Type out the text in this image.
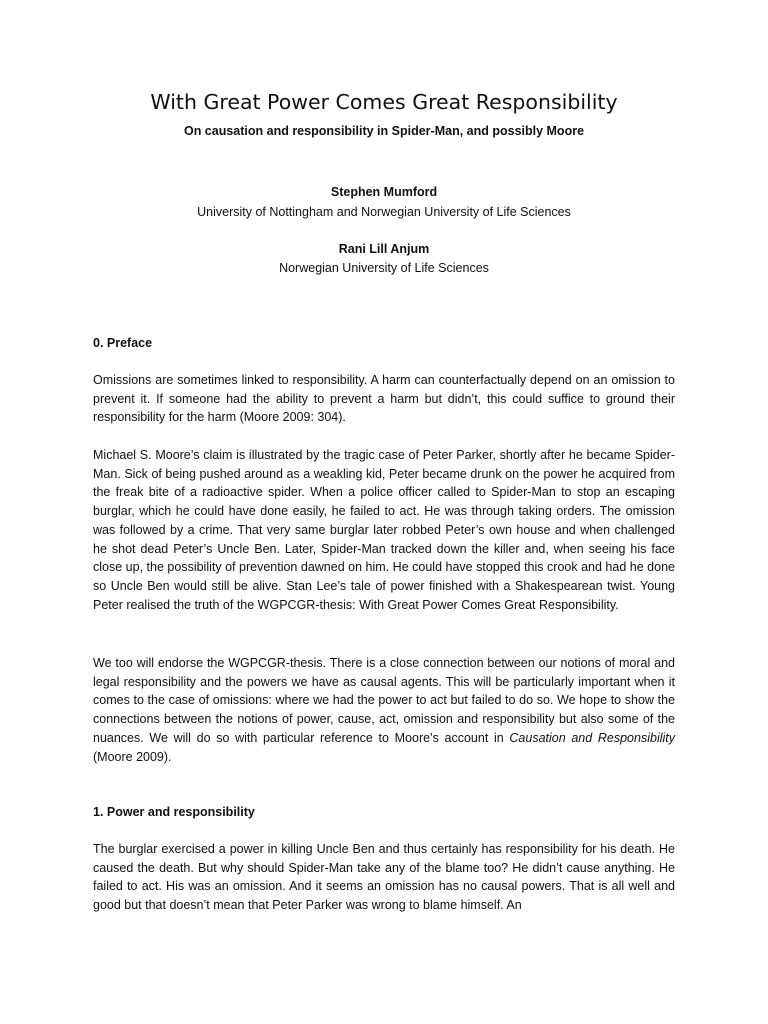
With Great Power Comes Great Responsibility
On causation and responsibility in Spider-Man, and possibly Moore
Stephen Mumford
University of Nottingham and Norwegian University of Life Sciences
Rani Lill Anjum
Norwegian University of Life Sciences
0. Preface

Omissions are sometimes linked to responsibility. A harm can counterfactually depend on an omission to prevent it. If someone had the ability to prevent a harm but didn’t, this could suffice to ground their responsibility for the harm (Moore 2009: 304).

Michael S. Moore’s claim is illustrated by the tragic case of Peter Parker, shortly after he became Spider-Man. Sick of being pushed around as a weakling kid, Peter became drunk on the power he acquired from the freak bite of a radioactive spider. When a police officer called to Spider-Man to stop an escaping burglar, which he could have done easily, he failed to act. He was through taking orders. The omission was followed by a crime. That very same burglar later robbed Peter’s own house and when challenged he shot dead Peter’s Uncle Ben. Later, Spider-Man tracked down the killer and, when seeing his face close up, the possibility of prevention dawned on him. He could have stopped this crook and had he done so Uncle Ben would still be alive. Stan Lee’s tale of power finished with a Shakespearean twist. Young Peter realised the truth of the WGPCGR-thesis: With Great Power Comes Great Responsibility.

We too will endorse the WGPCGR-thesis. There is a close connection between our notions of moral and legal responsibility and the powers we have as causal agents. This will be particularly important when it comes to the case of omissions: where we had the power to act but failed to do so. We hope to show the connections between the notions of power, cause, act, omission and responsibility but also some of the nuances. We will do so with particular reference to Moore’s account in Causation and Responsibility (Moore 2009).

1. Power and responsibility

The burglar exercised a power in killing Uncle Ben and thus certainly has responsibility for his death. He caused the death. But why should Spider-Man take any of the blame too? He didn’t cause anything. He failed to act. His was an omission. And it seems an omission has no causal powers. That is all well and good but that doesn’t mean that Peter Parker was wrong to blame himself. An
